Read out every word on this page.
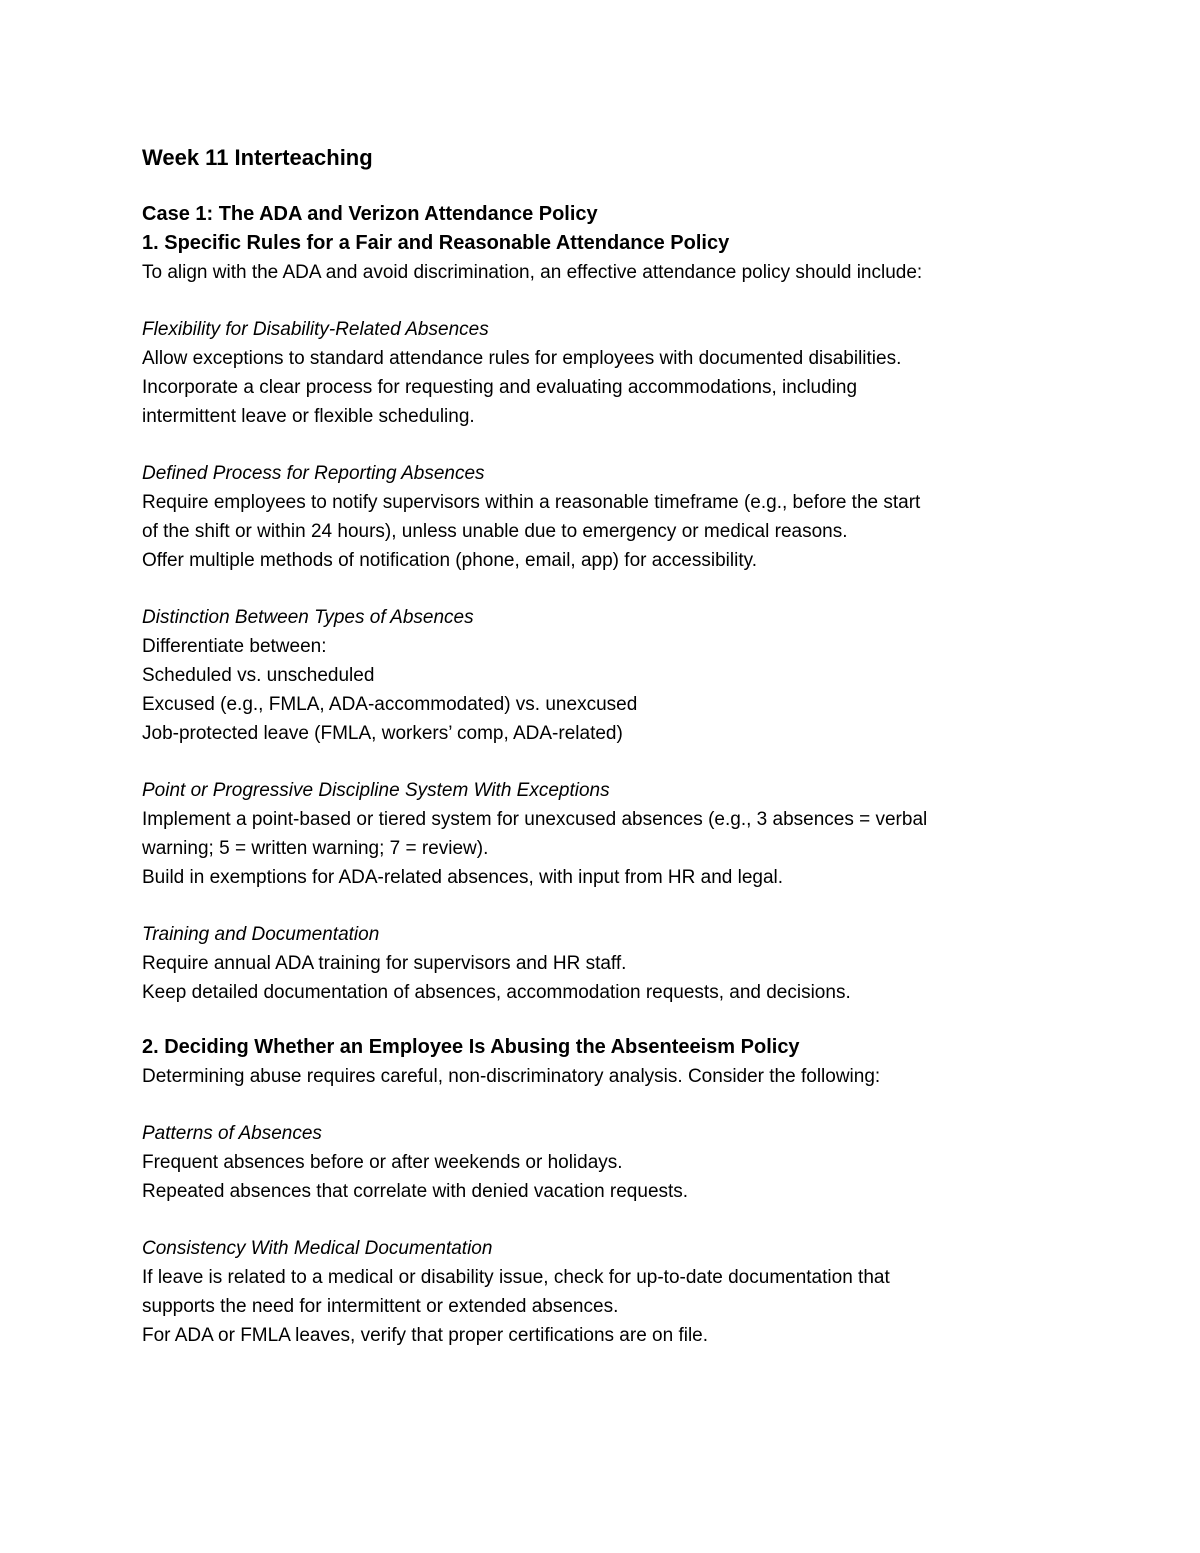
Week 11 Interteaching
Case 1: The ADA and Verizon Attendance Policy
1. Specific Rules for a Fair and Reasonable Attendance Policy
To align with the ADA and avoid discrimination, an effective attendance policy should include:
Flexibility for Disability-Related Absences
Allow exceptions to standard attendance rules for employees with documented disabilities.
Incorporate a clear process for requesting and evaluating accommodations, including
intermittent leave or flexible scheduling.
Defined Process for Reporting Absences
Require employees to notify supervisors within a reasonable timeframe (e.g., before the start
of the shift or within 24 hours), unless unable due to emergency or medical reasons.
Offer multiple methods of notification (phone, email, app) for accessibility.
Distinction Between Types of Absences
Differentiate between:
Scheduled vs. unscheduled
Excused (e.g., FMLA, ADA-accommodated) vs. unexcused
Job-protected leave (FMLA, workers’ comp, ADA-related)
Point or Progressive Discipline System With Exceptions
Implement a point-based or tiered system for unexcused absences (e.g., 3 absences = verbal
warning; 5 = written warning; 7 = review).
Build in exemptions for ADA-related absences, with input from HR and legal.
Training and Documentation
Require annual ADA training for supervisors and HR staff.
Keep detailed documentation of absences, accommodation requests, and decisions.
2. Deciding Whether an Employee Is Abusing the Absenteeism Policy
Determining abuse requires careful, non-discriminatory analysis. Consider the following:
Patterns of Absences
Frequent absences before or after weekends or holidays.
Repeated absences that correlate with denied vacation requests.
Consistency With Medical Documentation
If leave is related to a medical or disability issue, check for up-to-date documentation that
supports the need for intermittent or extended absences.
For ADA or FMLA leaves, verify that proper certifications are on file.
